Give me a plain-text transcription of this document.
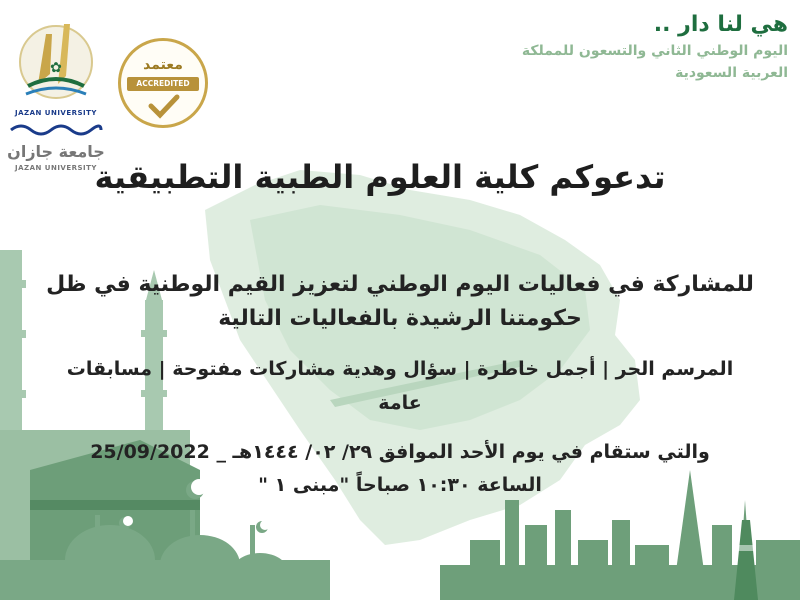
هي لنا دار ..
اليوم الوطني الثاني والتسعون للمملكة
العربية السعودية
✿
JAZAN UNIVERSITY
جامعة جازان
JAZAN UNIVERSITY
معتمد
ACCREDITED
تدعوكم كلية العلوم الطبية التطبيقية
للمشاركة في فعاليات اليوم الوطني لتعزيز القيم الوطنية في ظل
حكومتنا الرشيدة بالفعاليات التالية
المرسم الحر | أجمل خاطرة | سؤال وهدية مشاركات مفتوحة | مسابقات
عامة
والتي ستقام في يوم الأحد الموافق ٢٩/ ٠٢/ ١٤٤٤هـ _ 25/09/2022
الساعة ١٠:٣٠ صباحاً "مبنى ١ "
